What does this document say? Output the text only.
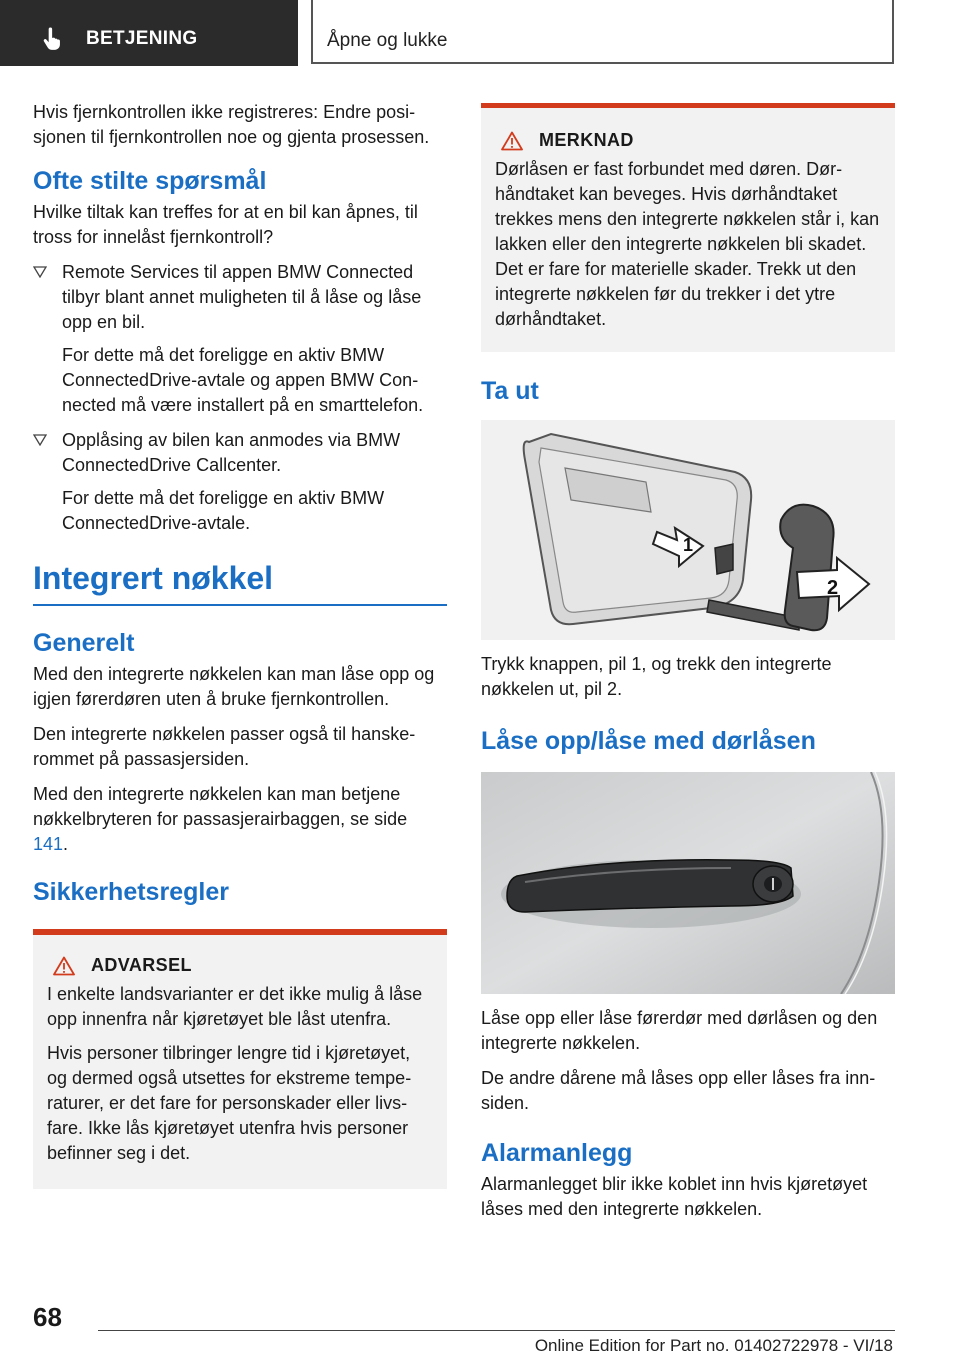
BETJENING	Åpne og lukke

Hvis fjernkontrollen ikke registreres: Endre posisjonen til fjernkontrollen noe og gjenta prosessen.

Ofte stilte spørsmål

Hvilke tiltak kan treffes for at en bil kan åpnes, til tross for innelåst fjernkontroll?

Remote Services til appen BMW Connected tilbyr blant annet muligheten til å låse og låse opp en bil.

For dette må det foreligge en aktiv BMW ConnectedDrive-avtale og appen BMW Connected må være installert på en smarttelefon.

Opplåsing av bilen kan anmodes via BMW ConnectedDrive Callcenter.

For dette må det foreligge en aktiv BMW ConnectedDrive-avtale.

Integrert nøkkel
Generelt

Med den integrerte nøkkelen kan man låse opp og igjen førerdøren uten å bruke fjernkontrollen.

Den integrerte nøkkelen passer også til hanskerommet på passasjersiden.

Med den integrerte nøkkelen kan man betjene nøkkelbryteren for passasjerairbaggen, se side 141.

Sikkerhetsregler
ADVARSEL

I enkelte landsvarianter er det ikke mulig å låse opp innenfra når kjøretøyet ble låst utenfra.

Hvis personer tilbringer lengre tid i kjøretøyet, og dermed også utsettes for ekstreme temperaturer, er det fare for personskader eller livsfare. Ikke lås kjøretøyet utenfra hvis personer befinner seg i det.

MERKNAD

Dørlåsen er fast forbundet med døren. Dørhåndtaket kan beveges. Hvis dørhåndtaket trekkes mens den integrerte nøkkelen står i, kan lakken eller den integrerte nøkkelen bli skadet. Det er fare for materielle skader. Trekk ut den integrerte nøkkelen før du trekker i det ytre dørhåndtaket.

Ta ut
1
2

Trykk knappen, pil 1, og trekk den integrerte nøkkelen ut, pil 2.

Låse opp/låse med dørlåsen

Låse opp eller låse førerdør med dørlåsen og den integrerte nøkkelen.

De andre dårene må låses opp eller låses fra innsiden.

Alarmanlegg

Alarmanlegget blir ikke koblet inn hvis kjøretøyet låses med den integrerte nøkkelen.

68
Online Edition for Part no. 01402722978 - VI/18
